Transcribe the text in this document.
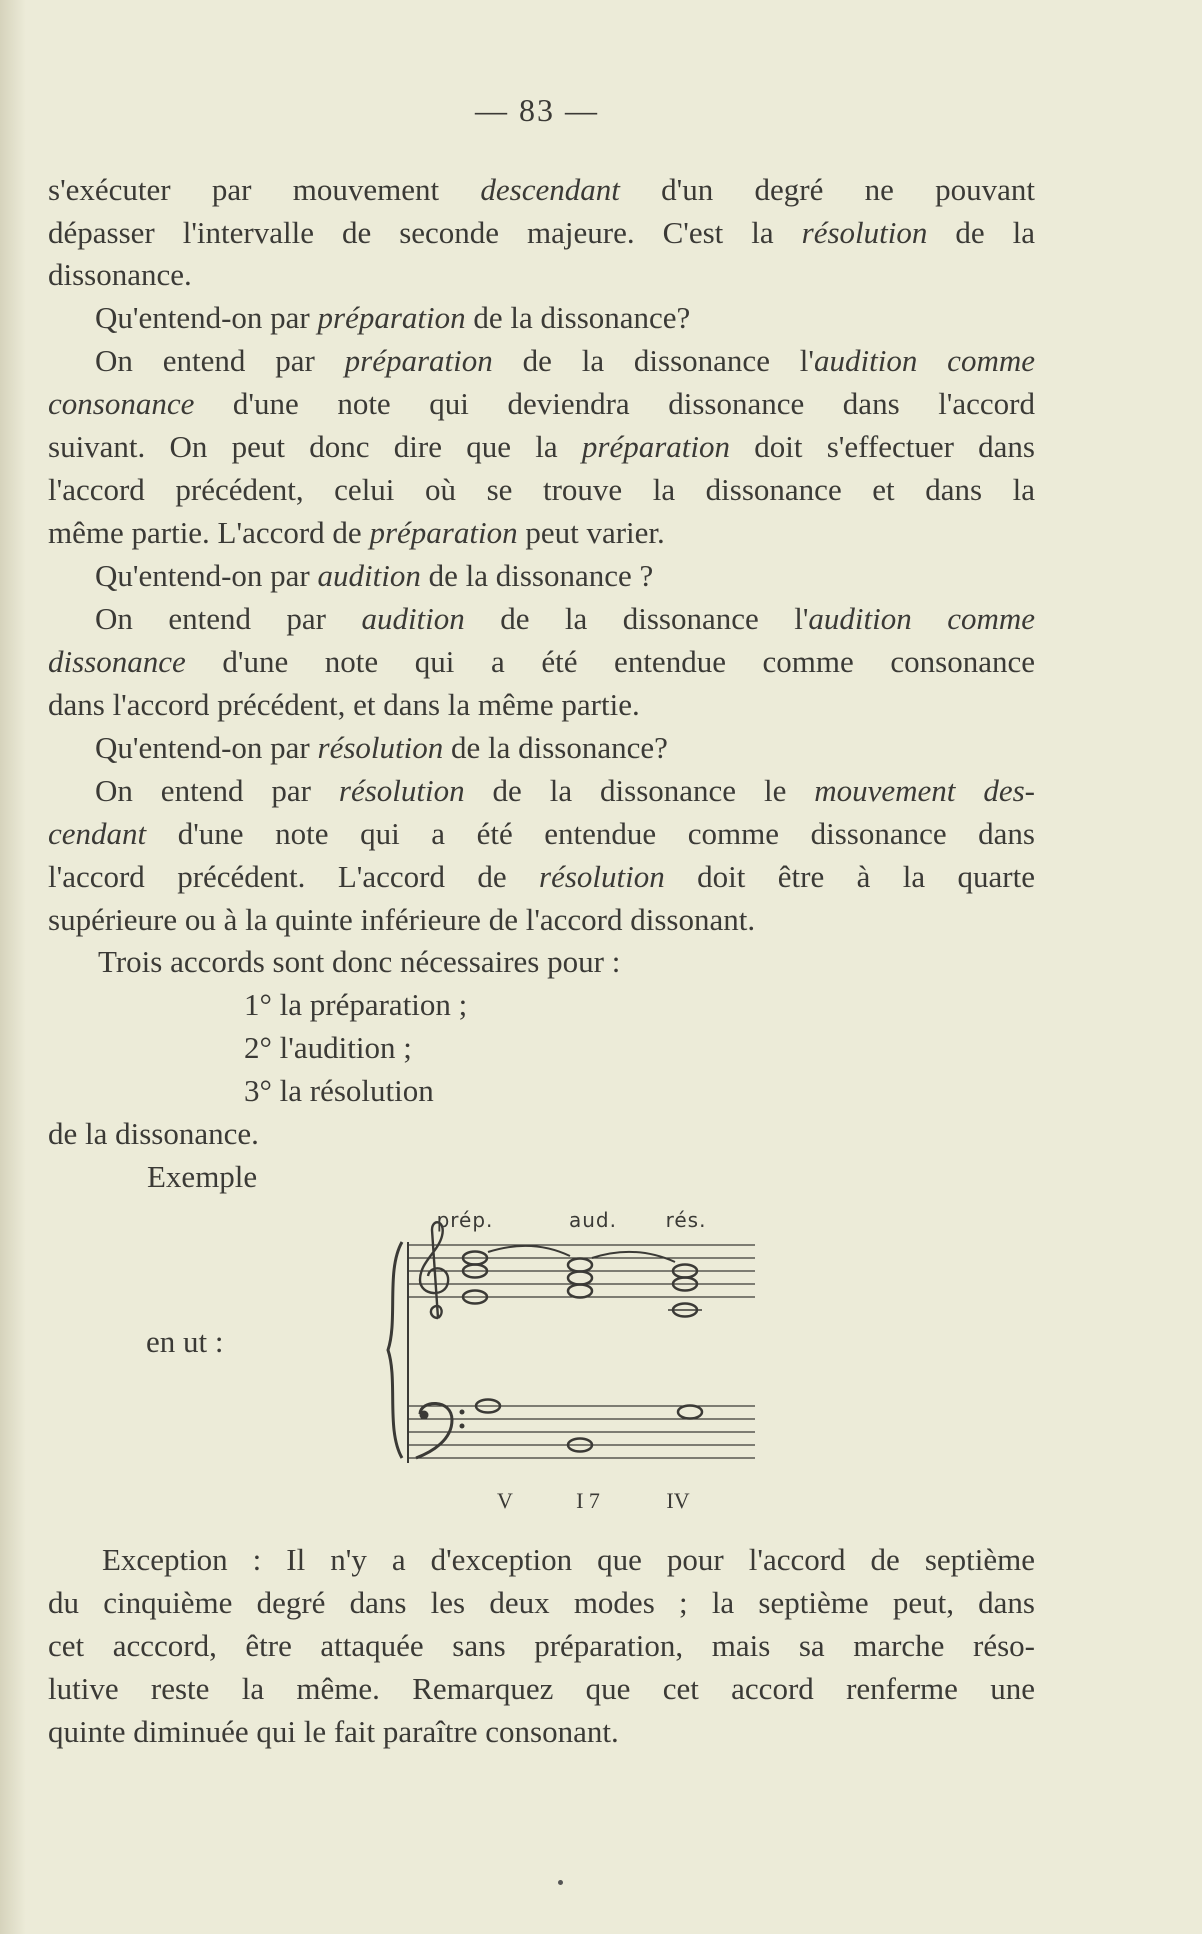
— 83 —
s'exécuter par mouvement descendant d'un degré ne pouvant
dépasser l'intervalle de seconde majeure. C'est la résolution de la
dissonance.
Qu'entend-on par préparation de la dissonance?
On entend par préparation de la dissonance l'audition comme
consonance d'une note qui deviendra dissonance dans l'accord
suivant. On peut donc dire que la préparation doit s'effectuer dans
l'accord précédent, celui où se trouve la dissonance et dans la
même partie. L'accord de préparation peut varier.
Qu'entend-on par audition de la dissonance ?
On entend par audition de la dissonance l'audition comme
dissonance d'une note qui a été entendue comme consonance
dans l'accord précédent, et dans la même partie.
Qu'entend-on par résolution de la dissonance?
On entend par résolution de la dissonance le mouvement des-
cendant d'une note qui a été entendue comme dissonance dans
l'accord précédent. L'accord de résolution doit être à la quarte
supérieure ou à la quinte inférieure de l'accord dissonant.
Trois accords sont donc nécessaires pour :
1° la préparation ;
2° l'audition ;
3° la résolution
de la dissonance.
Exemple
en ut :
prép.	aud. rés.
V	I 7	IV
Exception : Il n'y a d'exception que pour l'accord de septième
du cinquième degré dans les deux modes ; la septième peut, dans
cet acccord, être attaquée sans préparation, mais sa marche réso-
lutive reste la même. Remarquez que cet accord renferme une
quinte diminuée qui le fait paraître consonant.
